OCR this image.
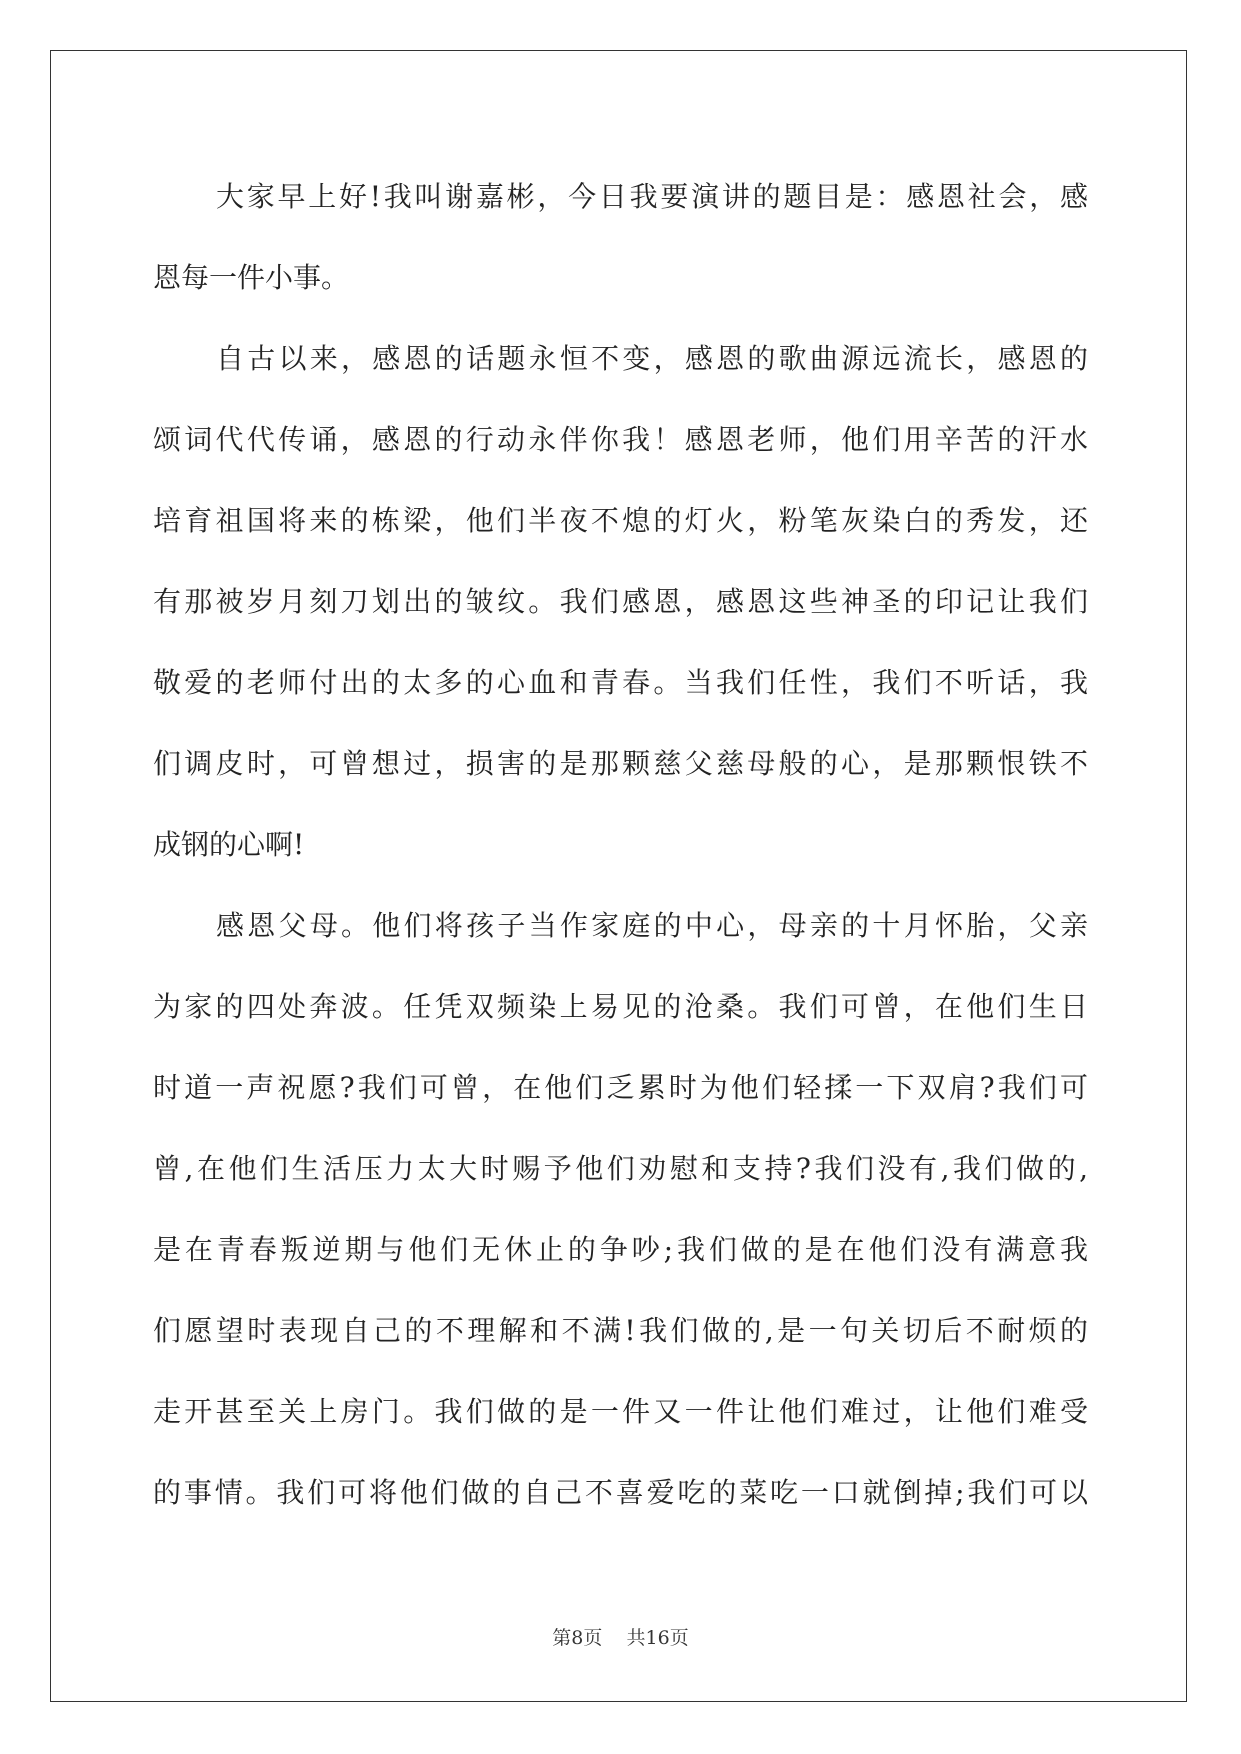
大家早上好!我叫谢嘉彬，今日我要演讲的题目是：感恩社会，感
恩每一件小事。
自古以来，感恩的话题永恒不变，感恩的歌曲源远流长，感恩的
颂词代代传诵，感恩的行动永伴你我！感恩老师，他们用辛苦的汗水
培育祖国将来的栋梁，他们半夜不熄的灯火，粉笔灰染白的秀发，还
有那被岁月刻刀划出的皱纹。我们感恩，感恩这些神圣的印记让我们
敬爱的老师付出的太多的心血和青春。当我们任性，我们不听话，我
们调皮时，可曾想过，损害的是那颗慈父慈母般的心，是那颗恨铁不
成钢的心啊!
感恩父母。他们将孩子当作家庭的中心，母亲的十月怀胎，父亲
为家的四处奔波。任凭双频染上易见的沧桑。我们可曾，在他们生日
时道一声祝愿?我们可曾，在他们乏累时为他们轻揉一下双肩?我们可
曾,在他们生活压力太大时赐予他们劝慰和支持?我们没有,我们做的,
是在青春叛逆期与他们无休止的争吵;我们做的是在他们没有满意我
们愿望时表现自己的不理解和不满!我们做的,是一句关切后不耐烦的
走开甚至关上房门。我们做的是一件又一件让他们难过，让他们难受
的事情。我们可将他们做的自己不喜爱吃的菜吃一口就倒掉;我们可以
第8页 共16页
